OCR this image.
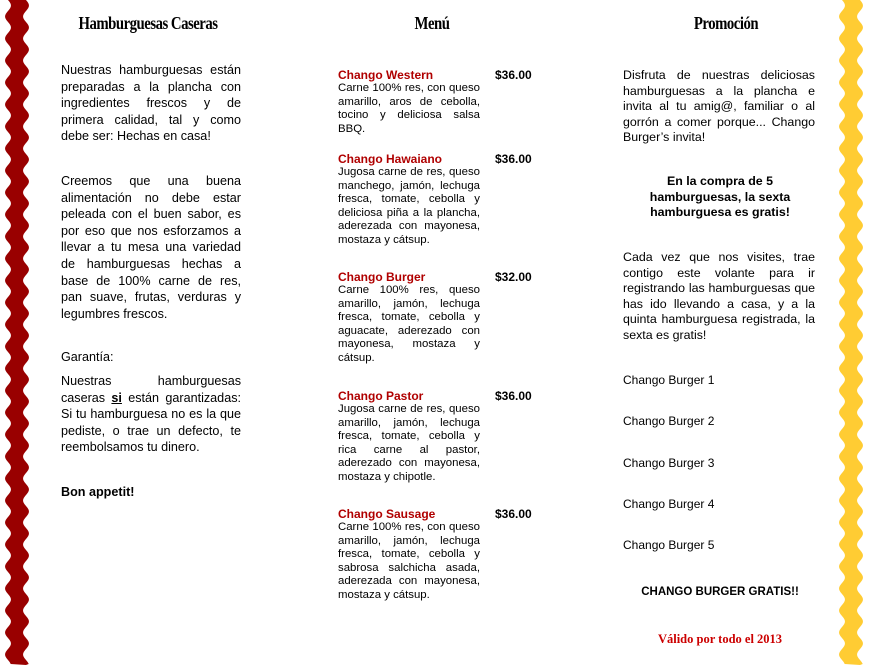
Hamburguesas Caseras
Nuestras hamburguesas están preparadas a la plancha con ingredientes frescos y de primera calidad, tal y como debe ser: Hechas en casa!
Creemos que una buena alimentación no debe estar peleada con el buen sabor, es por eso que nos esforzamos a llevar a tu mesa una variedad de hamburguesas hechas a base de 100% carne de res, pan suave, frutas, verduras y legumbres frescos.
Garantía:
Nuestras hamburguesas caseras si están garantizadas: Si tu hamburguesa no es la que pediste, o trae un defecto, te reembolsamos tu dinero.
Bon appetit!
Menú
Chango Western
Carne 100% res, con queso amarillo, aros de cebolla, tocino y deliciosa salsa BBQ.
$36.00
Chango Hawaiano
Jugosa carne de res, queso manchego, jamón, lechuga fresca, tomate, cebolla y deliciosa piña a la plancha, aderezada con mayonesa, mostaza y cátsup.
$36.00
Chango Burger
Carne 100% res, queso amarillo, jamón, lechuga fresca, tomate, cebolla y aguacate, aderezado con mayonesa, mostaza y cátsup.
$32.00
Chango Pastor
Jugosa carne de res, queso amarillo, jamón, lechuga fresca, tomate, cebolla y rica carne al pastor, aderezado con mayonesa, mostaza y chipotle.
$36.00
Chango Sausage
Carne 100% res, con queso amarillo, jamón, lechuga fresca, tomate, cebolla y sabrosa salchicha asada, aderezada con mayonesa, mostaza y cátsup.
$36.00
Promoción
Disfruta de nuestras deliciosas hamburguesas a la plancha e invita al tu amig@, familiar o al gorrón a comer porque... Chango Burger’s invita!
En la compra de 5 hamburguesas, la sexta hamburguesa es gratis!
Cada vez que nos visites, trae contigo este volante para ir registrando las hamburguesas que has ido llevando a casa, y a la quinta hamburguesa registrada, la sexta es gratis!
Chango Burger 1
Chango Burger 2
Chango Burger 3
Chango Burger 4
Chango Burger 5
CHANGO BURGER GRATIS!!
Válido por todo el 2013
